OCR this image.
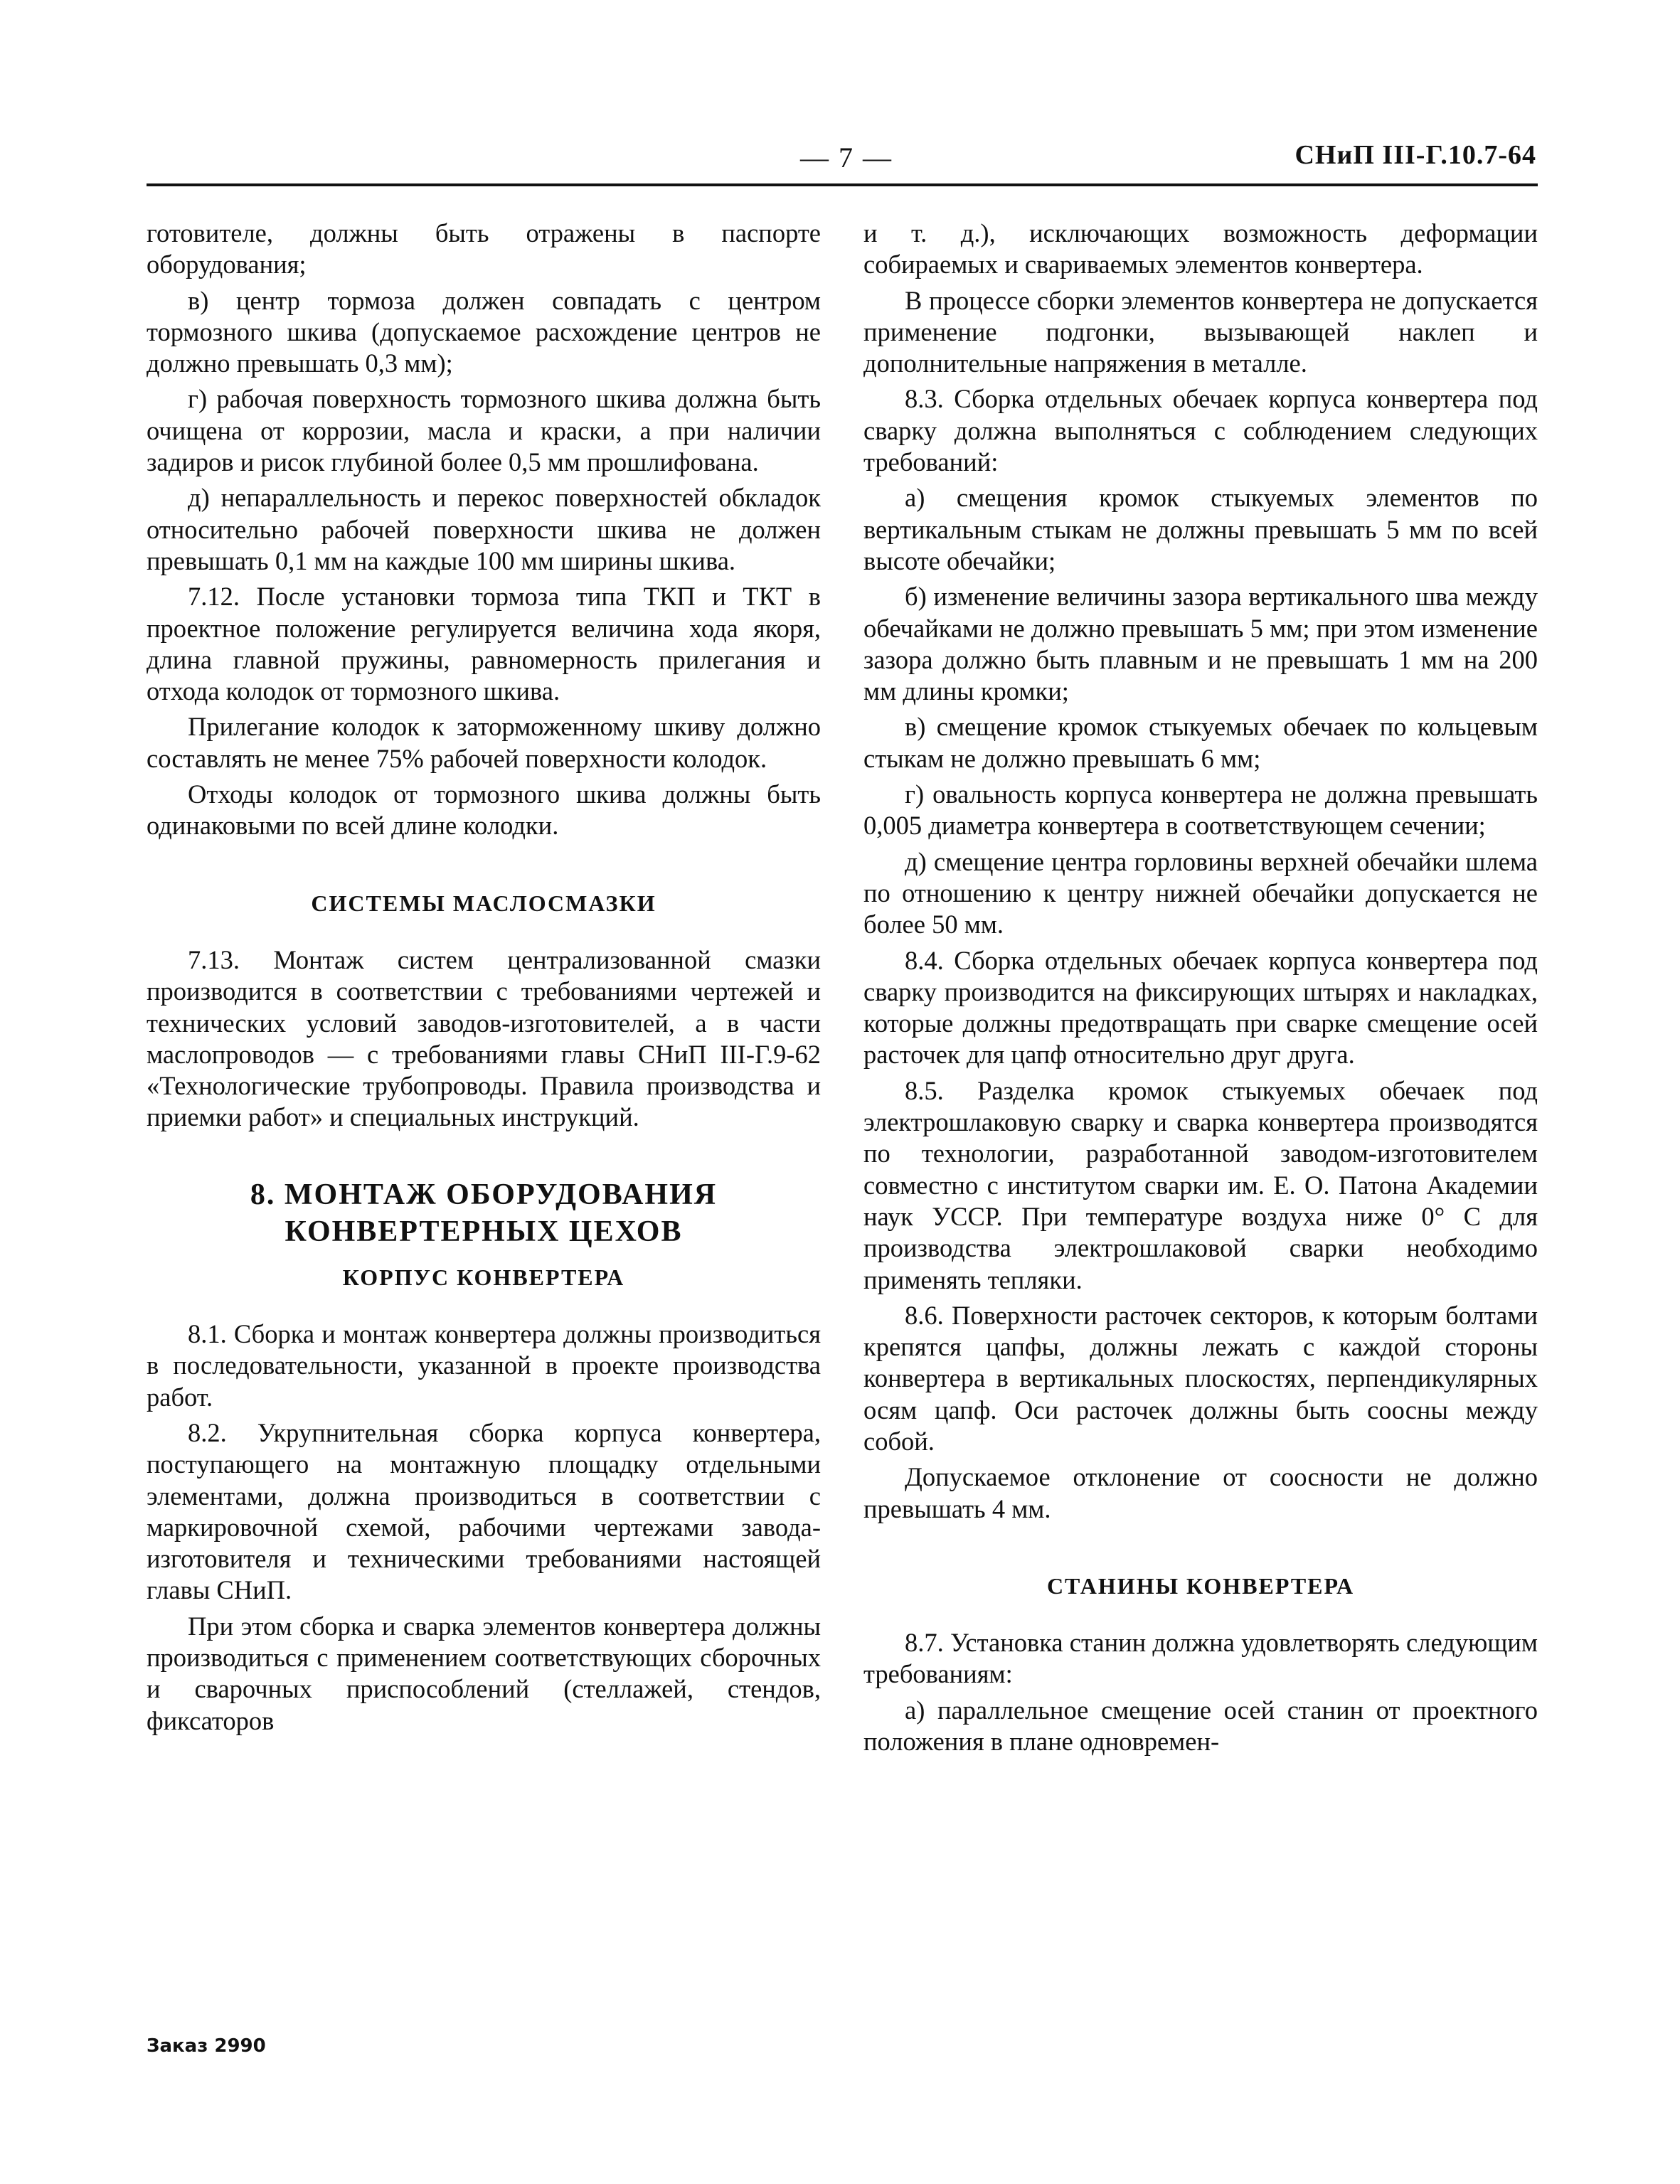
— 7 —	СНиП III-Г.10.7-64

готовителе, должны быть отражены в паспорте оборудования;

в) центр тормоза должен совпадать с центром тормозного шкива (допускаемое расхождение центров не должно превышать 0,3 мм);

г) рабочая поверхность тормозного шкива должна быть очищена от коррозии, масла и краски, а при наличии задиров и рисок глубиной более 0,5 мм прошлифована.

д) непараллельность и перекос поверхностей обкладок относительно рабочей поверхности шкива не должен превышать 0,1 мм на каждые 100 мм ширины шкива.

7.12. После установки тормоза типа ТКП и ТКТ в проектное положение регулируется величина хода якоря, длина главной пружины, равномерность прилегания и отхода колодок от тормозного шкива.

Прилегание колодок к заторможенному шкиву должно составлять не менее 75% рабочей поверхности колодок.

Отходы колодок от тормозного шкива должны быть одинаковыми по всей длине колодки.

СИСТЕМЫ МАСЛОСМАЗКИ

7.13. Монтаж систем централизованной смазки производится в соответствии с требованиями чертежей и технических условий заводов-изготовителей, а в части маслопроводов — с требованиями главы СНиП III-Г.9-62 «Технологические трубопроводы. Правила производства и приемки работ» и специальных инструкций.

8. МОНТАЖ ОБОРУДОВАНИЯ
КОНВЕРТЕРНЫХ ЦЕХОВ
КОРПУС КОНВЕРТЕРА

8.1. Сборка и монтаж конвертера должны производиться в последовательности, указанной в проекте производства работ.

8.2. Укрупнительная сборка корпуса конвертера, поступающего на монтажную площадку отдельными элементами, должна производиться в соответствии с маркировочной схемой, рабочими чертежами завода-изготовителя и техническими требованиями настоящей главы СНиП.

При этом сборка и сварка элементов конвертера должны производиться с применением соответствующих сборочных и сварочных приспособлений (стеллажей, стендов, фиксаторов

и т. д.), исключающих возможность деформации собираемых и свариваемых элементов конвертера.

В процессе сборки элементов конвертера не допускается применение подгонки, вызывающей наклеп и дополнительные напряжения в металле.

8.3. Сборка отдельных обечаек корпуса конвертера под сварку должна выполняться с соблюдением следующих требований:

а) смещения кромок стыкуемых элементов по вертикальным стыкам не должны превышать 5 мм по всей высоте обечайки;

б) изменение величины зазора вертикального шва между обечайками не должно превышать 5 мм; при этом изменение зазора должно быть плавным и не превышать 1 мм на 200 мм длины кромки;

в) смещение кромок стыкуемых обечаек по кольцевым стыкам не должно превышать 6 мм;

г) овальность корпуса конвертера не должна превышать 0,005 диаметра конвертера в соответствующем сечении;

д) смещение центра горловины верхней обечайки шлема по отношению к центру нижней обечайки допускается не более 50 мм.

8.4. Сборка отдельных обечаек корпуса конвертера под сварку производится на фиксирующих штырях и накладках, которые должны предотвращать при сварке смещение осей расточек для цапф относительно друг друга.

8.5. Разделка кромок стыкуемых обечаек под электрошлаковую сварку и сварка конвертера производятся по технологии, разработанной заводом-изготовителем совместно с институтом сварки им. Е. О. Патона Академии наук УССР. При температуре воздуха ниже 0° С для производства электрошлаковой сварки необходимо применять тепляки.

8.6. Поверхности расточек секторов, к которым болтами крепятся цапфы, должны лежать с каждой стороны конвертера в вертикальных плоскостях, перпендикулярных осям цапф. Оси расточек должны быть соосны между собой.

Допускаемое отклонение от соосности не должно превышать 4 мм.

СТАНИНЫ КОНВЕРТЕРА

8.7. Установка станин должна удовлетворять следующим требованиям:

а) параллельное смещение осей станин от проектного положения в плане одновремен-

Заказ 2990
